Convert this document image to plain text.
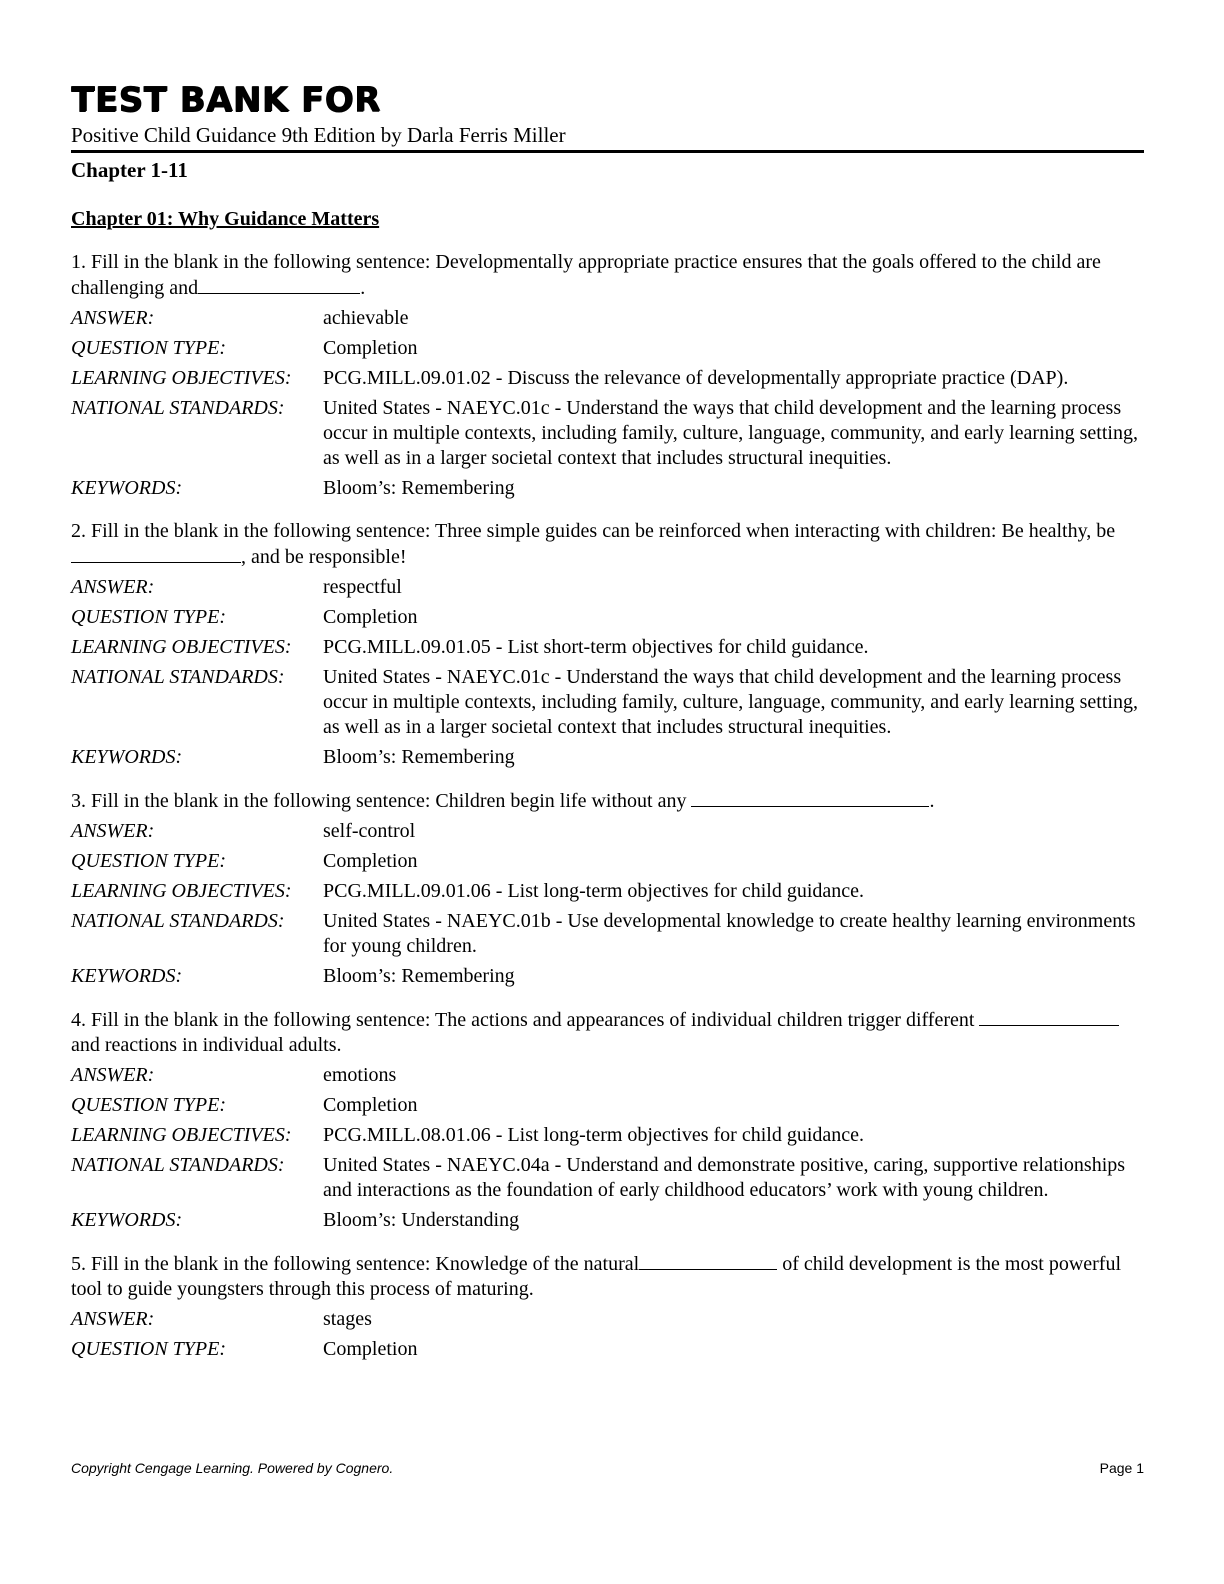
TEST BANK FOR
Positive Child Guidance 9th Edition by Darla Ferris Miller
Chapter 1-11
Chapter 01: Why Guidance Matters
1. Fill in the blank in the following sentence: Developmentally appropriate practice ensures that the goals offered to the child are challenging and	.
ANSWER:	achievable
QUESTION TYPE:	Completion
LEARNING OBJECTIVES:	PCG.MILL.09.01.02 - Discuss the relevance of developmentally appropriate practice (DAP).
NATIONAL STANDARDS:	United States - NAEYC.01c - Understand the ways that child development and the learning process occur in multiple contexts, including family, culture, language, community, and early learning setting, as well as in a larger societal context that includes structural inequities.
KEYWORDS:	Bloom’s: Remembering
2. Fill in the blank in the following sentence: Three simple guides can be reinforced when interacting with children: Be healthy, be, and be responsible!
ANSWER:	respectful
QUESTION TYPE:	Completion
LEARNING OBJECTIVES:	PCG.MILL.09.01.05 - List short-term objectives for child guidance.
NATIONAL STANDARDS:	United States - NAEYC.01c - Understand the ways that child development and the learning process occur in multiple contexts, including family, culture, language, community, and early learning setting, as well as in a larger societal context that includes structural inequities.
KEYWORDS:	Bloom’s: Remembering
3. Fill in the blank in the following sentence: Children begin life without any	.
ANSWER:	self-control
QUESTION TYPE:	Completion
LEARNING OBJECTIVES:	PCG.MILL.09.01.06 - List long-term objectives for child guidance.
NATIONAL STANDARDS:	United States - NAEYC.01b - Use developmental knowledge to create healthy learning environments for young children.
KEYWORDS:	Bloom’s: Remembering
4. Fill in the blank in the following sentence: The actions and appearances of individual children trigger different  and reactions in individual adults.
ANSWER:	emotions
QUESTION TYPE:	Completion
LEARNING OBJECTIVES:	PCG.MILL.08.01.06 - List long-term objectives for child guidance.
NATIONAL STANDARDS:	United States - NAEYC.04a - Understand and demonstrate positive, caring, supportive relationships and interactions as the foundation of early childhood educators’ work with young children.
KEYWORDS:	Bloom’s: Understanding
5. Fill in the blank in the following sentence: Knowledge of the natural	of child development is the most powerful tool to guide youngsters through this process of maturing.
ANSWER:	stages
QUESTION TYPE:	Completion
Copyright Cengage Learning. Powered by Cognero.	Page 1
